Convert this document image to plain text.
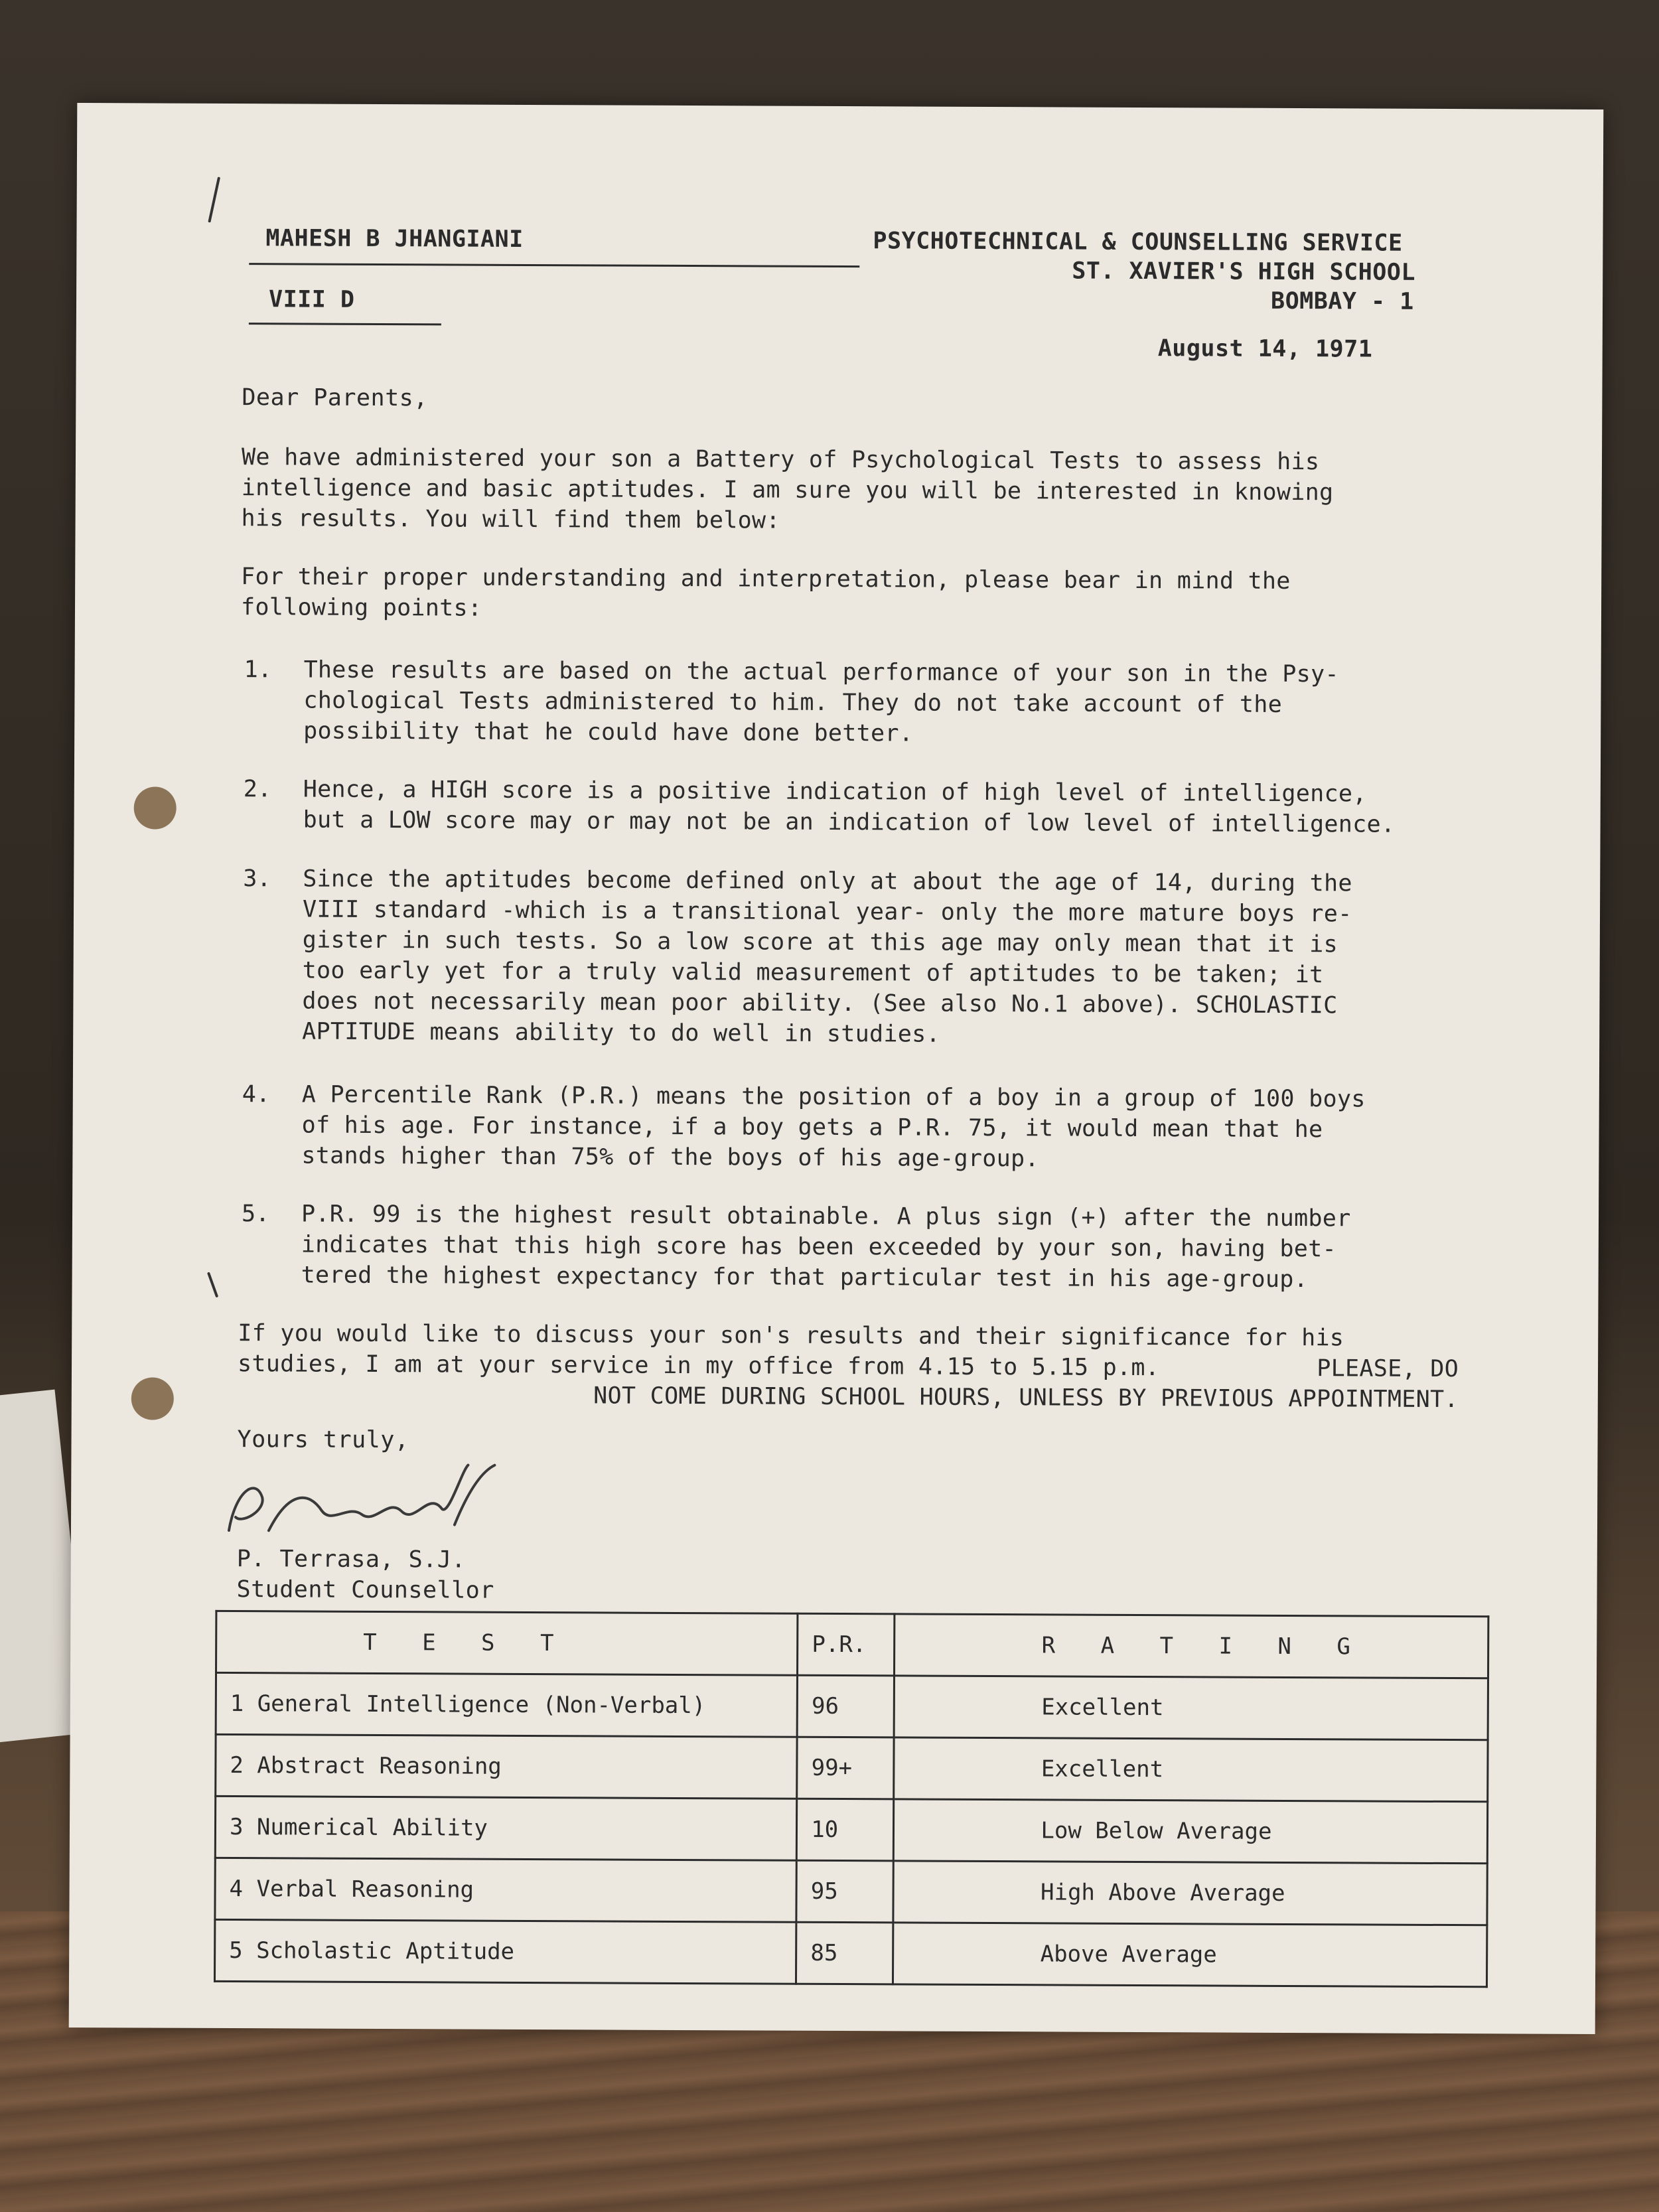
MAHESH B JHANGIANI
VIII D
PSYCHOTECHNICAL & COUNSELLING SERVICE
ST. XAVIER'S HIGH SCHOOL
BOMBAY - 1
August 14, 1971
Dear Parents,
We have administered your son a Battery of Psychological Tests to assess his
intelligence and basic aptitudes. I am sure you will be interested in knowing
his results. You will find them below:
For their proper understanding and interpretation, please bear in mind the
following points:
1. These results are based on the actual performance of your son in the Psy-
chological Tests administered to him. They do not take account of the
possibility that he could have done better.
2. Hence, a HIGH score is a positive indication of high level of intelligence,
but a LOW score may or may not be an indication of low level of intelligence.
3. Since the aptitudes become defined only at about the age of 14, during the
VIII standard -which is a transitional year- only the more mature boys re-
gister in such tests. So a low score at this age may only mean that it is
too early yet for a truly valid measurement of aptitudes to be taken; it
does not necessarily mean poor ability. (See also No.1 above). SCHOLASTIC
APTITUDE means ability to do well in studies.
4. A Percentile Rank (P.R.) means the position of a boy in a group of 100 boys
of his age. For instance, if a boy gets a P.R. 75, it would mean that he
stands higher than 75% of the boys of his age-group.
5. P.R. 99 is the highest result obtainable. A plus sign (+) after the number
indicates that this high score has been exceeded by your son, having bet-
tered the highest expectancy for that particular test in his age-group.
If you would like to discuss your son's results and their significance for his
studies, I am at your service in my office from 4.15 to 5.15 p.m.	PLEASE, DO
NOT COME DURING SCHOOL HOURS, UNLESS BY PREVIOUS APPOINTMENT.
Yours truly,
P. Terrasa, S.J.
Student Counsellor
T E S T	P.R.	R A T I N G
1 General Intelligence (Non-Verbal)	96	Excellent
2 Abstract Reasoning	99+	Excellent
3 Numerical Ability	10	Low Below Average
4 Verbal Reasoning	95	High Above Average
5 Scholastic Aptitude	85	Above Average
